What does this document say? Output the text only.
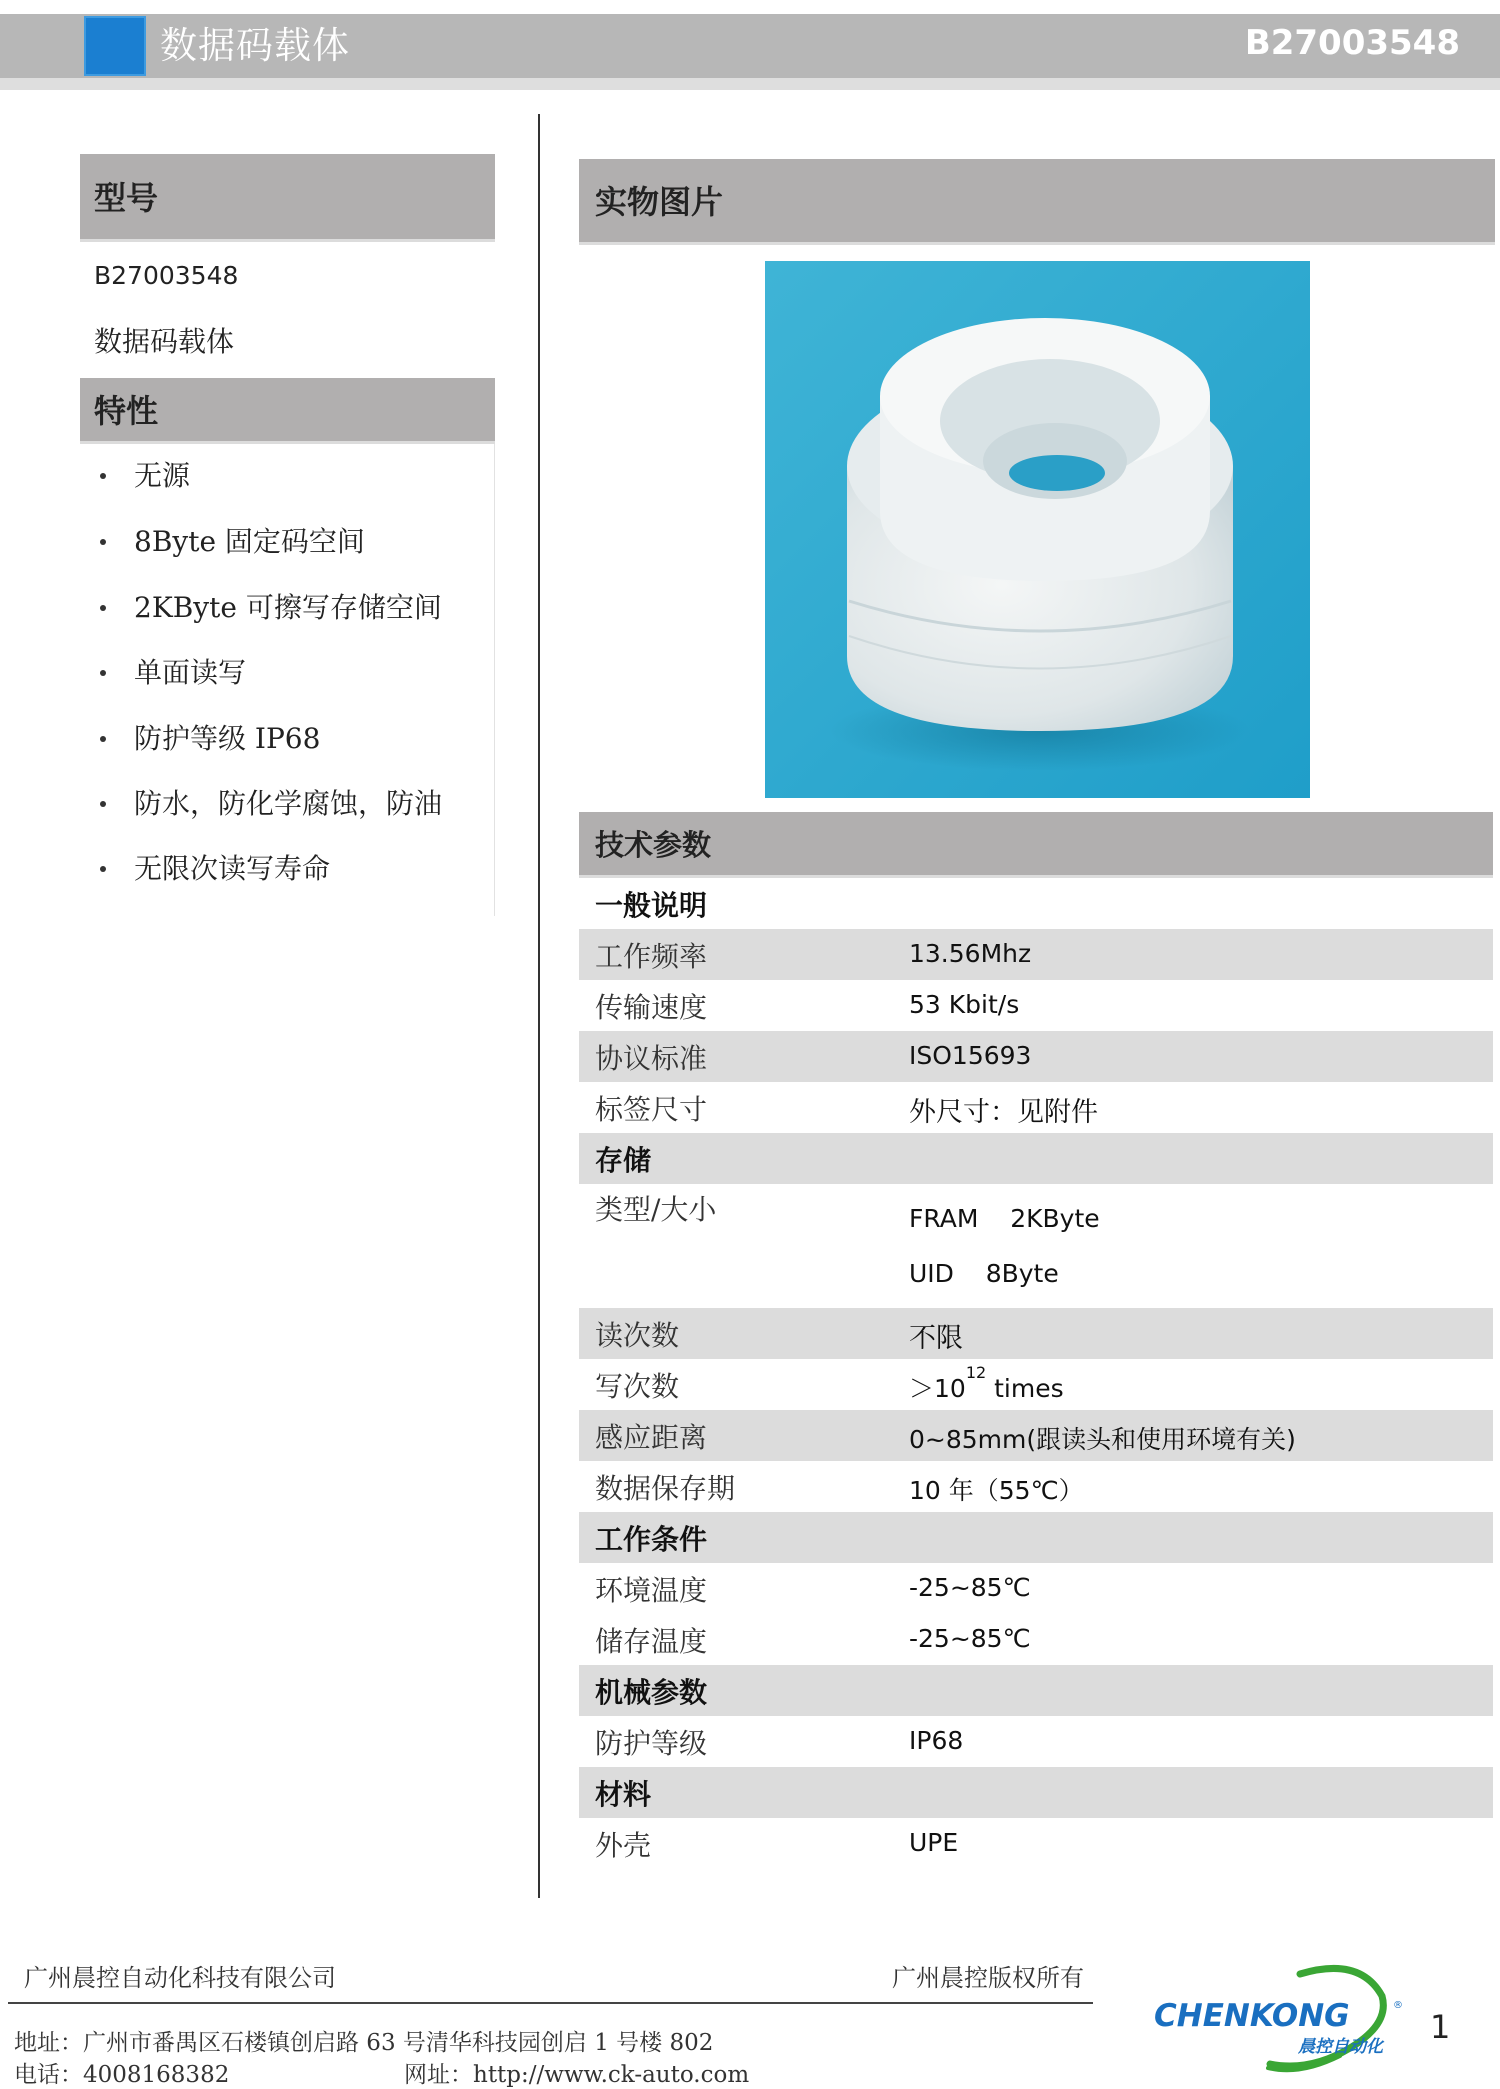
数据码载体	B27003548
型号
B27003548
数据码载体
特性
无源
8Byte 固定码空间
2KByte 可擦写存储空间
单面读写
防护等级 IP68
防水，防化学腐蚀，防油
无限次读写寿命
实物图片
技术参数
一般说明
工作频率	13.56Mhz
传输速度	53 Kbit/s
协议标准	ISO15693
标签尺寸	外尺寸：见附件
存储
类型/大小	FRAM    2KByte
UID    8Byte
读次数	不限
写次数	$>10^{12}$ times
感应距离	0~85mm(跟读头和使用环境有关)
数据保存期	10 年（55℃）
工作条件
环境温度	-25~85℃
储存温度	-25~85℃
机械参数
防护等级	IP68
材料
外壳	UPE
广州晨控自动化科技有限公司	广州晨控版权所有
地址：广州市番禺区石楼镇创启路 63 号清华科技园创启 1 号楼 802
电话：4008168382	网址：http://www.ck-auto.com
CHENKONG	®
晨控自动化
1
